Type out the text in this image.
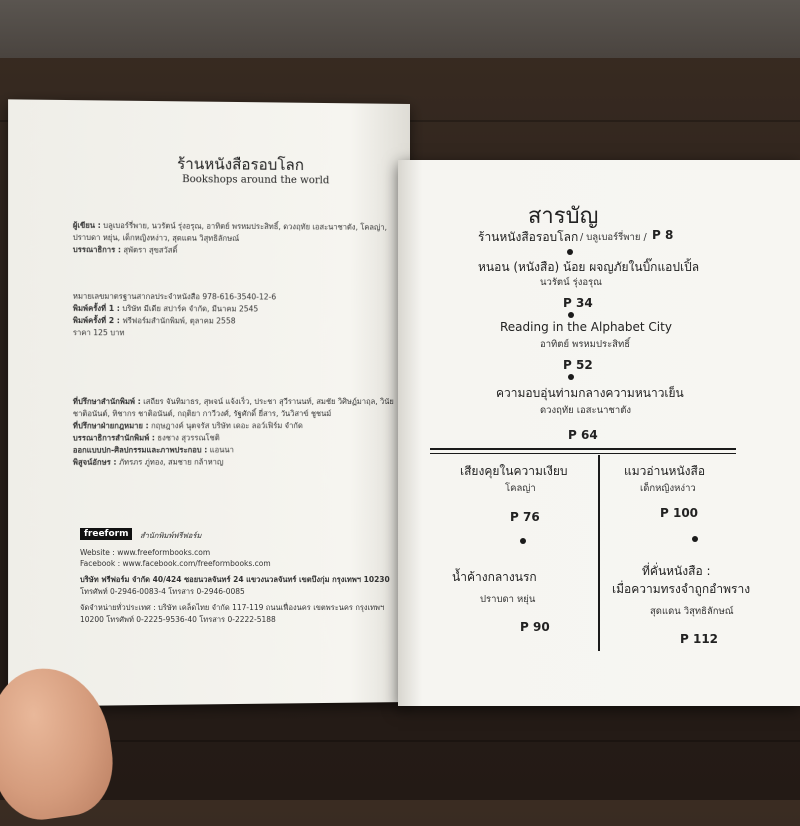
ร้านหนังสือรอบโลก
Bookshops around the world
ผู้เขียน : บลูเบอร์รี่พาย, นวรัตน์ รุ่งอรุณ, อาทิตย์ พรหมประสิทธิ์, ดวงฤทัย เอสะนาชาตัง, โคลญ่า,
ปราบดา หยุ่น, เด็กหญิงหง่าว, สุดแดน วิสุทธิลักษณ์
บรรณาธิการ : สุพัตรา สุขสวัสดิ์
หมายเลขมาตรฐานสากลประจำหนังสือ 978-616-3540-12-6
พิมพ์ครั้งที่ 1 : บริษัท มีเดีย สปาร์ค จำกัด, มีนาคม 2545
พิมพ์ครั้งที่ 2 : ฟรีฟอร์มสำนักพิมพ์, ตุลาคม 2558
ราคา 125 บาท
ที่ปรึกษาสำนักพิมพ์ : เสถียร จันทิมาธร, สุพจน์ แจ้งเร็ว, ประชา สุวีรานนท์, สมชัย วิศิษฏ์มาฤล, วินัย
ชาติอนันต์, ทิชากร ชาติอนันต์, กฤติยา กาวีวงศ์, รัฐศักดิ์ ยี่สาร, วันวิสาข์ ชูชนม์
ที่ปรึกษาฝ่ายกฎหมาย : กฤษฎางค์ นุตจรัส บริษัท เดอะ ลอว์เฟิร์ม จำกัด
บรรณาธิการสำนักพิมพ์ : ธงชาง สุวรรณโชติ
ออกแบบปก-ศิลปกรรมและภาพประกอบ : แอนนา
พิสูจน์อักษร : ภัทรภร ภู่ทอง, สมชาย กล้าหาญ
freeform	สำนักพิมพ์ฟรีฟอร์ม
Website : www.freeformbooks.com
Facebook : www.facebook.com/freeformbooks.com
บริษัท ฟรีฟอร์ม จำกัด 40/424 ซอยนวลจันทร์ 24 แขวงนวลจันทร์ เขตบึงกุ่ม กรุงเทพฯ 10230
โทรศัพท์ 0-2946-0083-4 โทรสาร 0-2946-0085
จัดจำหน่ายทั่วประเทศ : บริษัท เคล็ดไทย จำกัด 117-119 ถนนเฟื่องนคร เขตพระนคร กรุงเทพฯ
10200 โทรศัพท์ 0-2225-9536-40 โทรสาร 0-2222-5188
สารบัญ
ร้านหนังสือรอบโลก / บลูเบอร์รี่พาย / P 8
หนอน (หนังสือ) น้อย ผจญภัยในบิ๊กแอปเปิ้ล
นวรัตน์ รุ่งอรุณ
P 34
Reading in the Alphabet City
อาทิตย์ พรหมประสิทธิ์
P 52
ความอบอุ่นท่ามกลางความหนาวเย็น
ดวงฤทัย เอสะนาชาตัง
P 64
เสียงคุยในความเงียบ
โคลญ่า
P 76
แมวอ่านหนังสือ
เด็กหญิงหง่าว
P 100
น้ำค้างกลางนรก
ปราบดา หยุ่น
P 90
ที่คั่นหนังสือ :
เมื่อความทรงจำถูกอำพราง
สุดแดน วิสุทธิลักษณ์
P 112
